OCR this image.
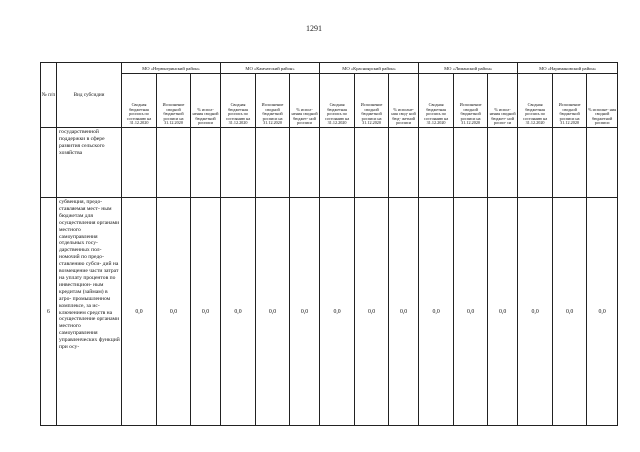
1291
№ п/п	Вид субсидии	МО «Нерюнгринский район»			МО «Камчатский район»			МО «Красноярский район»			МО «Лиманский район»			МО «Наримановский район»		
		Сводная бюджетная роспись по состоянию на 31.12.2020	Исполнение сводной бюджетной росписи на 31.12.2020	% испол- нения сводной бюджетной росписи	Сводная бюджетная роспись по состоянию на 31.12.2020	Исполнение сводной бюджетной росписи на 31.12.2020	% испол- нения сводной бюджет- ной росписи	Сводная бюджетная роспись по состоянию на 31.12.2020	Исполнение сводной бюджетной росписи на 31.12.2020	% исполне- ния свод- ной бюд- жетной росписи	Сводная бюджетная роспись по состоянию на 31.12.2020	Исполнение сводной бюджетной росписи на 31.12.2020	% испол- нения сводной бюджет- ной роспи- си	Сводная бюджетная роспись по состоянию на 31.12.2020	Исполнение сводной бюджетной росписи на 31.12.2020	% исполне- ния сводной бюджетной росписи
	государственной поддержки в сфере развития сельского хозяйства															
6	субвенция, предо- ставляемая мест- ным бюджетам для осуществления органами местного самоуправления отдельных госу- дарственных пол- номочий по предо- ставлению субси- дий на возмещение части затрат на уплату процентов по инвестицион- ным кредитам (займам) в агро- промышленном комплексе, за ис- ключением средств на осуществление органами местного самоуправления управленческих функций при осу-	0,0	0,0	0,0	0,0	0,0	0,0	0,0	0,0	0,0	0,0	0,0	0,0	0,0	0,0	0,0
